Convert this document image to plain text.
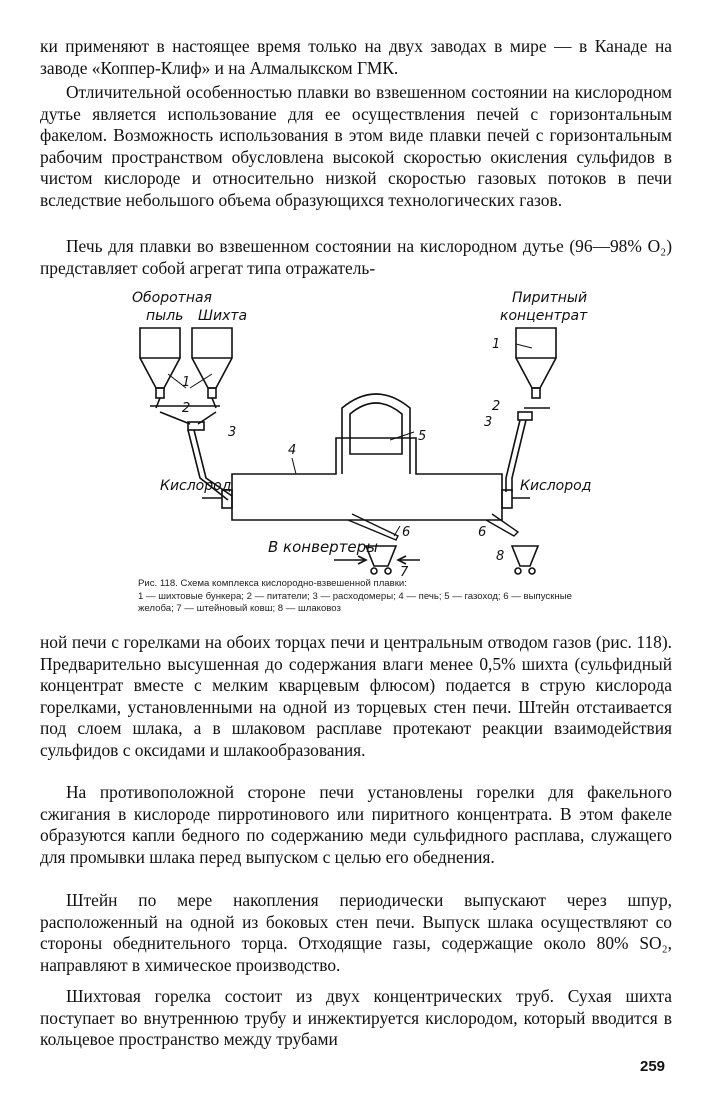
ки применяют в настоящее время только на двух заводах в мире — в Канаде на заводе «Коппер-Клиф» и на Алмалыкском ГМК.

Отличительной особенностью плавки во взвешенном состоянии на кислородном дутье является использование для ее осуществления печей с горизонтальным факелом. Возможность использования в этом виде плавки печей с горизонтальным рабочим пространством обусловлена высокой скоростью окисления сульфидов в чистом кислороде и относительно низкой скоростью газовых потоков в печи вследствие небольшого объема образующихся технологических газов.

Печь для плавки во взвешенном состоянии на кислородном дутье (96—98% O₂) представляет собой агрегат типа отражатель-

Оборотная
пыль Шихта
Пиритный
концентрат
Кислород	Кислород
В конвертеры
1
2
3
1
2
3
4
5
6	6
7
8
Рис. 118. Схема комплекса кислородно-взвешенной плавки:
1 — шихтовые бункера; 2 — питатели; 3 — расходомеры; 4 — печь; 5 — газоход; 6 — выпускные желоба; 7 — штейновый ковш; 8 — шлаковоз

ной печи с горелками на обоих торцах печи и центральным отводом газов (рис. 118). Предварительно высушенная до содержания влаги менее 0,5% шихта (сульфидный концентрат вместе с мелким кварцевым флюсом) подается в струю кислорода горелками, установленными на одной из торцевых стен печи. Штейн отстаивается под слоем шлака, а в шлаковом расплаве протекают реакции взаимодействия сульфидов с оксидами и шлакообразования.

На противоположной стороне печи установлены горелки для факельного сжигания в кислороде пирротинового или пиритного концентрата. В этом факеле образуются капли бедного по содержанию меди сульфидного расплава, служащего для промывки шлака перед выпуском с целью его обеднения.

Штейн по мере накопления периодически выпускают через шпур, расположенный на одной из боковых стен печи. Выпуск шлака осуществляют со стороны обеднительного торца. Отходящие газы, содержащие около 80% SO₂, направляют в химическое производство.

Шихтовая горелка состоит из двух концентрических труб. Сухая шихта поступает во внутреннюю трубу и инжектируется кислородом, который вводится в кольцевое пространство между трубами

259
